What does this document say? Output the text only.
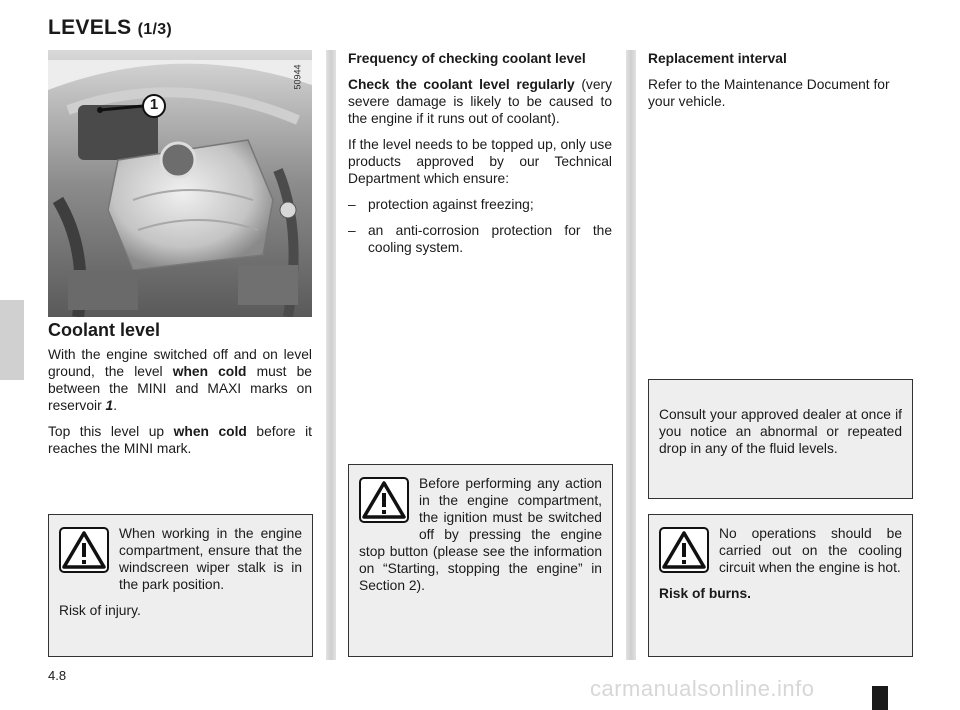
LEVELS (1/3)
1
50944
Coolant level

With the engine switched off and on level ground, the level when cold must be between the MINI and MAXI marks on reservoir 1.

Top this level up when cold before it reaches the MINI mark.

Frequency of checking coolant level

Check the coolant level regularly (very severe damage is likely to be caused to the engine if it runs out of coolant).

If the level needs to be topped up, only use products approved by our Technical Department which ensure:

– protection against freezing;
– an anti-corrosion protection for the cooling system.

Replacement interval

Refer to the Maintenance Document for your vehicle.

When working in the engine compartment, ensure that the windscreen wiper stalk is in the park position.

Risk of injury.

Before performing any action in the engine compartment, the ignition must be switched off by pressing the engine stop button (please see the information on “Starting, stopping the engine” in Section 2).

Consult your approved dealer at once if you notice an abnormal or repeated drop in any of the fluid levels.

No operations should be carried out on the cooling circuit when the engine is hot.

Risk of burns.

4.8
carmanualsonline.info
